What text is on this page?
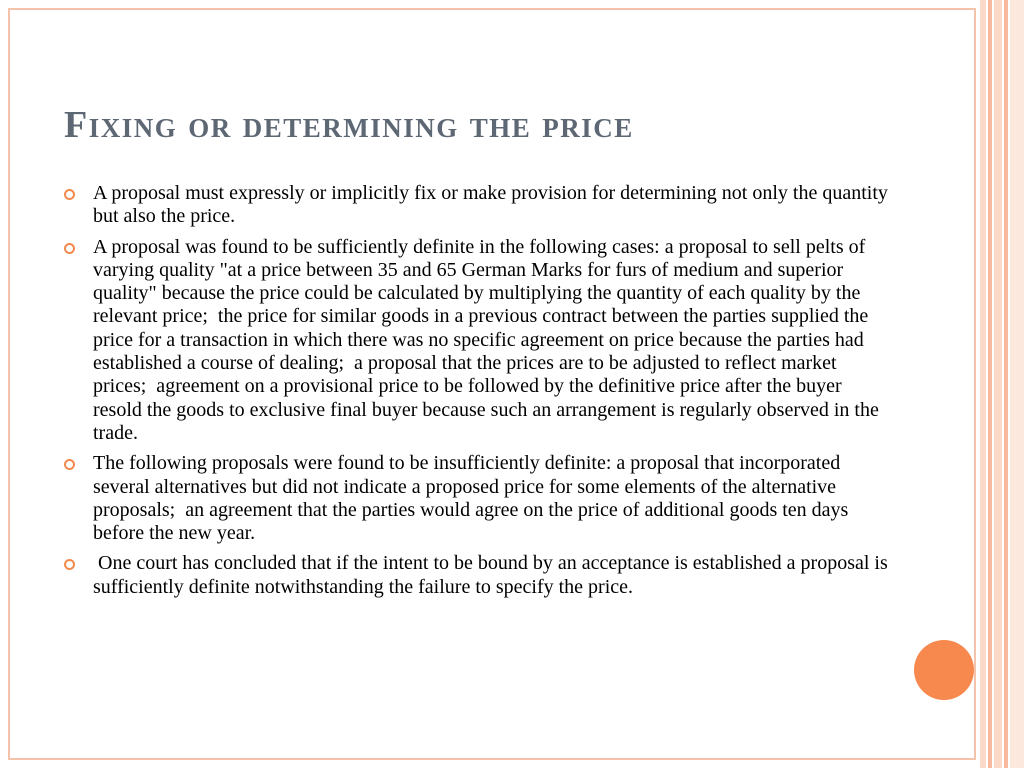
Fixing or determining the price
A proposal must expressly or implicitly fix or make provision for determining not only the quantity but also the price.
A proposal was found to be sufficiently definite in the following cases: a proposal to sell pelts of varying quality "at a price between 35 and 65 German Marks for furs of medium and superior quality" because the price could be calculated by multiplying the quantity of each quality by the relevant price;  the price for similar goods in a previous contract between the parties supplied the price for a transaction in which there was no specific agreement on price because the parties had established a course of dealing;  a proposal that the prices are to be adjusted to reflect market prices;  agreement on a provisional price to be followed by the definitive price after the buyer resold the goods to exclusive final buyer because such an arrangement is regularly observed in the trade.
The following proposals were found to be insufficiently definite: a proposal that incorporated several alternatives but did not indicate a proposed price for some elements of the alternative proposals;  an agreement that the parties would agree on the price of additional goods ten days before the new year.
One court has concluded that if the intent to be bound by an acceptance is established a proposal is sufficiently definite notwithstanding the failure to specify the price.
